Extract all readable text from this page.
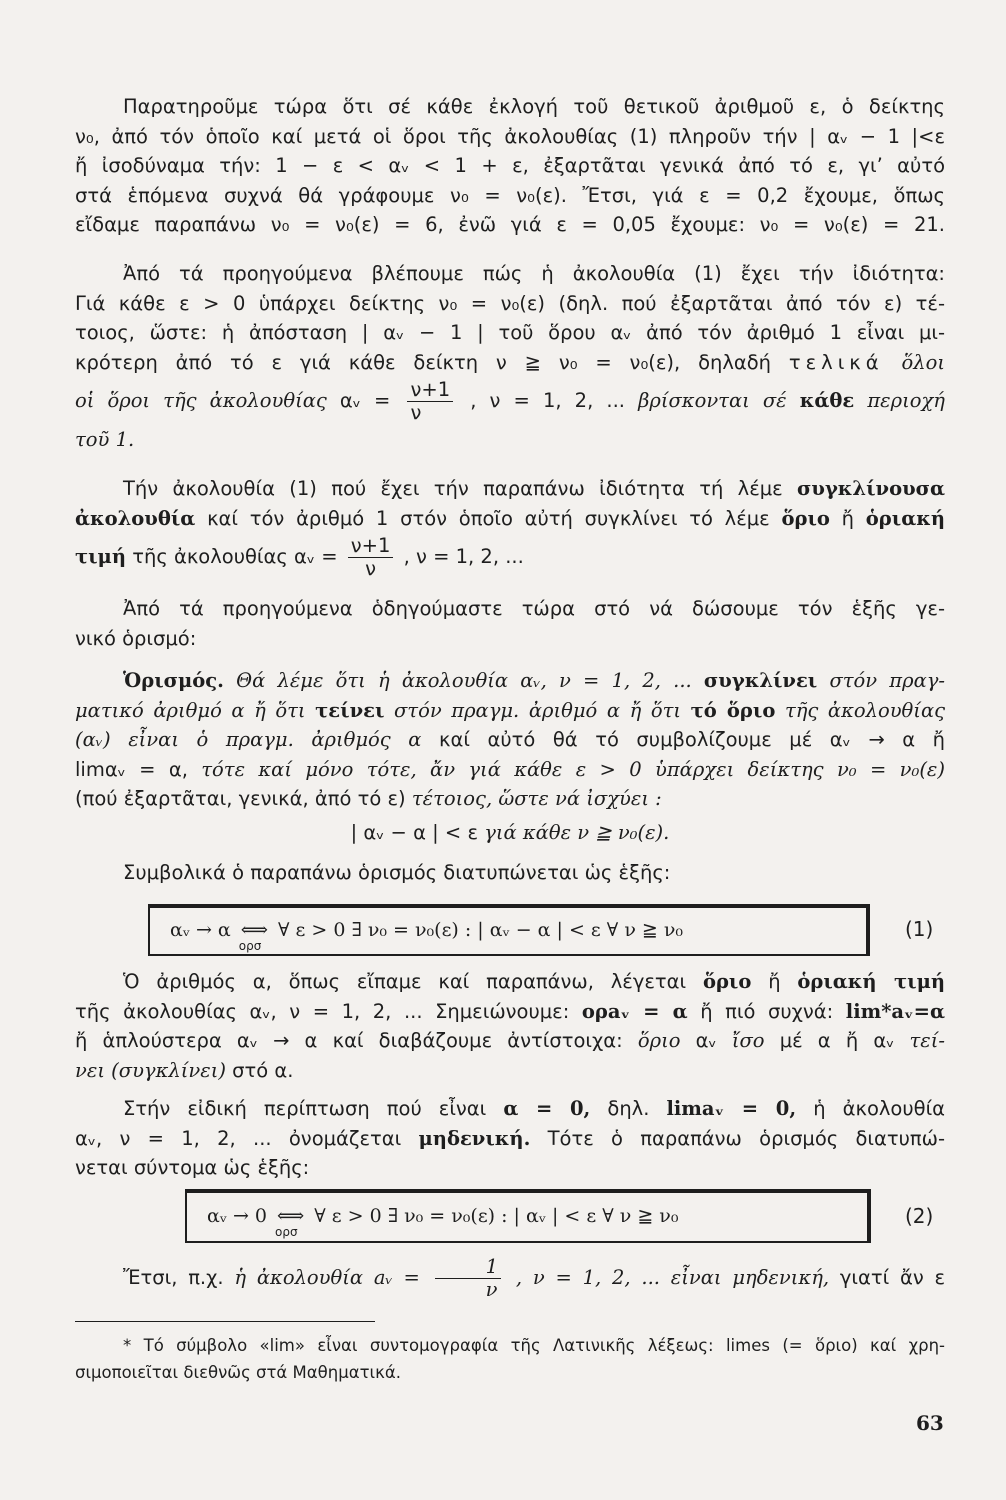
Παρατηροῦμε τώρα ὅτι σέ κάθε ἐκλογή τοῦ θετικοῦ ἀριθμοῦ ε, ὁ δείκτης

ν₀, ἀπό τόν ὁποῖο καί μετά οἱ ὅροι τῆς ἀκολουθίας (1) πληροῦν τήν | αᵥ − 1 |<ε

ἤ ἰσοδύναμα τήν: 1 − ε < αᵥ < 1 + ε, ἐξαρτᾶται γενικά ἀπό τό ε, γι’ αὐτό

στά ἑπόμενα συχνά θά γράφουμε ν₀ = ν₀(ε). Ἔτσι, γιά ε = 0,2 ἔχουμε, ὅπως

εἴδαμε παραπάνω ν₀ = ν₀(ε) = 6, ἐνῶ γιά ε = 0,05 ἔχουμε: ν₀ = ν₀(ε) = 21.

Ἀπό τά προηγούμενα βλέπουμε πώς ἡ ἀκολουθία (1) ἔχει τήν ἰδιότητα:

Γιά κάθε ε > 0 ὑπάρχει δείκτης ν₀ = ν₀(ε) (δηλ. πού ἐξαρτᾶται ἀπό τόν ε) τέ-

τοιος, ὥστε: ἡ ἀπόσταση | αᵥ − 1 | τοῦ ὅρου αᵥ ἀπό τόν ἀριθμό 1 εἶναι μι-

κρότερη ἀπό τό ε γιά κάθε δείκτη ν ≧ ν₀ = ν₀(ε), δηλαδή τελικά ὅλοι

οἱ ὅροι τῆς ἀκολουθίας αᵥ = $\frac{\nu+1}{\nu}$ , ν = 1, 2, ... βρίσκονται σέ κάθε περιοχή

τοῦ 1.

Τήν ἀκολουθία (1) πού ἔχει τήν παραπάνω ἰδιότητα τή λέμε συγκλίνουσα

ἀκολουθία καί τόν ἀριθμό 1 στόν ὁποῖο αὐτή συγκλίνει τό λέμε ὅριο ἤ ὁριακή

τιμή τῆς ἀκολουθίας αᵥ = $\frac{\nu+1}{\nu}$ , ν = 1, 2, ...

Ἀπό τά προηγούμενα ὁδηγούμαστε τώρα στό νά δώσουμε τόν ἑξῆς γε-

νικό ὁρισμό:

Ὁρισμός. Θά λέμε ὅτι ἡ ἀκολουθία αᵥ, ν = 1, 2, ... συγκλίνει στόν πραγ-

ματικό ἀριθμό α ἤ ὅτι τείνει στόν πραγμ. ἀριθμό α ἤ ὅτι τό ὅριο τῆς ἀκολουθίας

(αᵥ) εἶναι ὁ πραγμ. ἀριθμός α καί αὐτό θά τό συμβολίζουμε μέ αᵥ → α ἤ

limαᵥ = α, τότε καί μόνο τότε, ἄν γιά κάθε ε > 0 ὑπάρχει δείκτης ν₀ = ν₀(ε)

(πού ἐξαρτᾶται, γενικά, ἀπό τό ε) τέτοιος, ὥστε νά ἰσχύει :

| αᵥ − α | < ε γιά κάθε ν ≧ ν₀(ε).

Συμβολικά ὁ παραπάνω ὁρισμός διατυπώνεται ὡς ἑξῆς:

αᵥ → α ⟺
ορσ
∀ ε > 0 ∃ ν₀ = ν₀(ε) : | αᵥ − α | < ε ∀ ν ≧ ν₀	(1)

Ὁ ἀριθμός α, ὅπως εἴπαμε καί παραπάνω, λέγεται ὅριο ἤ ὁριακή τιμή

τῆς ἀκολουθίας αᵥ, ν = 1, 2, ... Σημειώνουμε: ορaᵥ = α ἤ πιό συχνά: lim*aᵥ=α

ἤ ἁπλούστερα αᵥ → α καί διαβάζουμε ἀντίστοιχα: ὅριο αᵥ ἴσο μέ α ἤ αᵥ τεί-

νει (συγκλίνει) στό α.

Στήν εἰδική περίπτωση πού εἶναι α = 0, δηλ. limaᵥ = 0, ἡ ἀκολουθία

αᵥ, ν = 1, 2, ... ὀνομάζεται μηδενική. Τότε ὁ παραπάνω ὁρισμός διατυπώ-

νεται σύντομα ὡς ἑξῆς:

αᵥ → 0 ⟺
ορσ
∀ ε > 0 ∃ ν₀ = ν₀(ε) : | αᵥ | < ε ∀ ν ≧ ν₀	(2)

Ἔτσι, π.χ. ἡ ἀκολουθία aᵥ = $\frac{1}{\nu}$ , ν = 1, 2, ... εἶναι μηδενική, γιατί ἄν ε

* Τό σύμβολο «lim» εἶναι συντομογραφία τῆς Λατινικῆς λέξεως: limes (= ὅριο) καί χρη-

σιμοποιεῖται διεθνῶς στά Μαθηματικά.

63
